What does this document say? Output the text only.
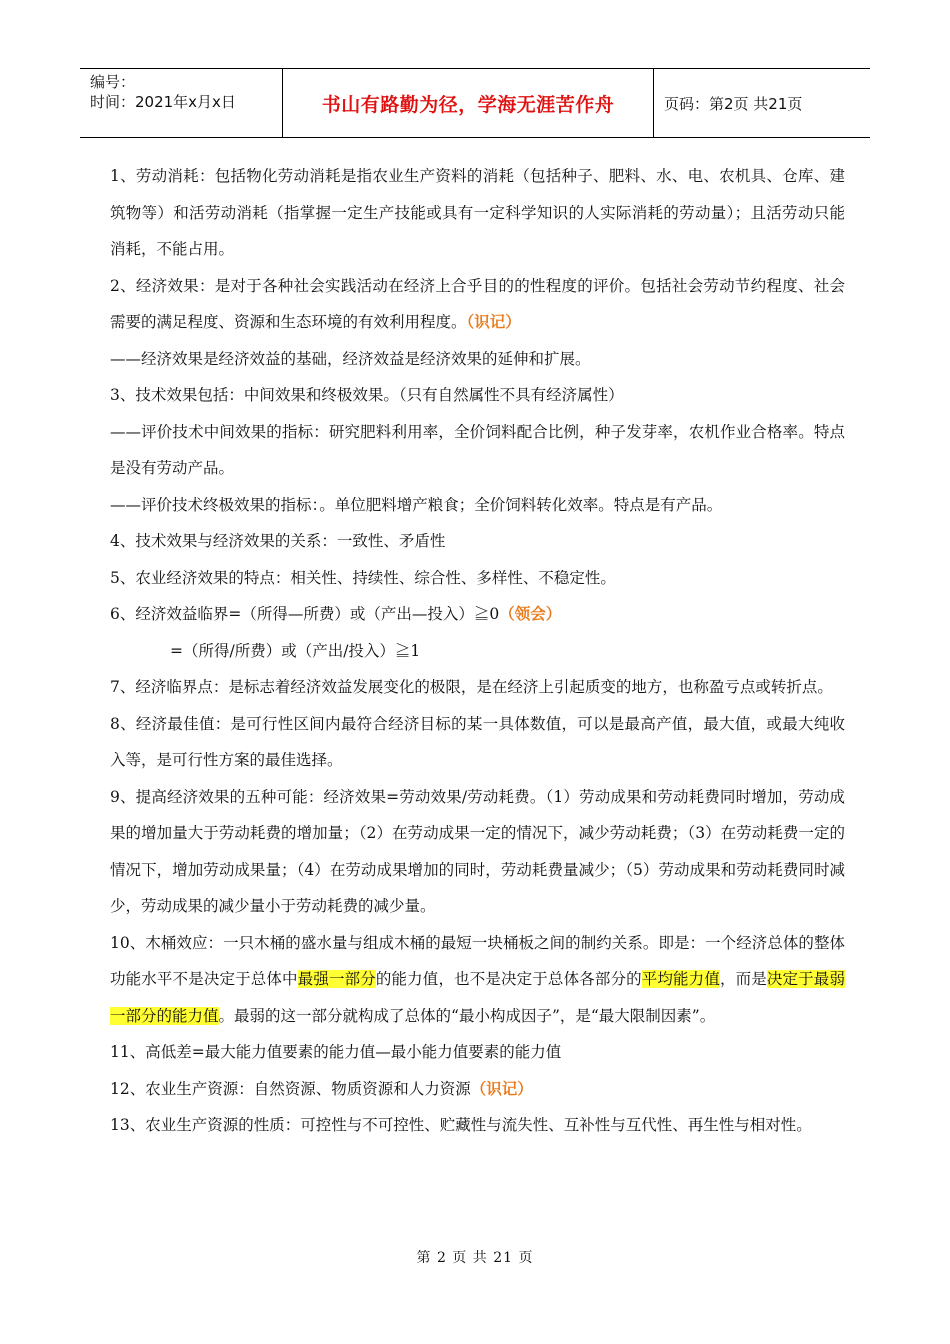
编号：
时间：2021年x月x日	书山有路勤为径，学海无涯苦作舟	页码：第2页 共21页

1、劳动消耗：包括物化劳动消耗是指农业生产资料的消耗（包括种子、肥料、水、电、农机具、仓库、建筑物等）和活劳动消耗（指掌握一定生产技能或具有一定科学知识的人实际消耗的劳动量）；且活劳动只能消耗，不能占用。

2、经济效果：是对于各种社会实践活动在经济上合乎目的的性程度的评价。包括社会劳动节约程度、社会需要的满足程度、资源和生态环境的有效利用程度。（识记）

——经济效果是经济效益的基础，经济效益是经济效果的延伸和扩展。

3、技术效果包括：中间效果和终极效果。（只有自然属性不具有经济属性）

——评价技术中间效果的指标：研究肥料利用率，全价饲料配合比例，种子发芽率，农机作业合格率。特点是没有劳动产品。

——评价技术终极效果的指标：。单位肥料增产粮食；全价饲料转化效率。特点是有产品。

4、技术效果与经济效果的关系：一致性、矛盾性

5、农业经济效果的特点：相关性、持续性、综合性、多样性、不稳定性。

6、经济效益临界=（所得—所费）或（产出—投入）≧0（领会）

=（所得/所费）或（产出/投入）≧1

7、经济临界点：是标志着经济效益发展变化的极限，是在经济上引起质变的地方，也称盈亏点或转折点。

8、经济最佳值：是可行性区间内最符合经济目标的某一具体数值，可以是最高产值，最大值，或最大纯收入等，是可行性方案的最佳选择。

9、提高经济效果的五种可能：经济效果=劳动效果/劳动耗费。（1）劳动成果和劳动耗费同时增加，劳动成果的增加量大于劳动耗费的增加量；（2）在劳动成果一定的情况下，减少劳动耗费；（3）在劳动耗费一定的情况下，增加劳动成果量；（4）在劳动成果增加的同时，劳动耗费量减少；（5）劳动成果和劳动耗费同时减少，劳动成果的减少量小于劳动耗费的减少量。

10、木桶效应：一只木桶的盛水量与组成木桶的最短一块桶板之间的制约关系。即是：一个经济总体的整体功能水平不是决定于总体中最强一部分的能力值，也不是决定于总体各部分的平均能力值，而是决定于最弱一部分的能力值。最弱的这一部分就构成了总体的“最小构成因子”，是“最大限制因素”。

11、高低差=最大能力值要素的能力值—最小能力值要素的能力值

12、农业生产资源：自然资源、物质资源和人力资源（识记）

13、农业生产资源的性质：可控性与不可控性、贮藏性与流失性、互补性与互代性、再生性与相对性。

第 2 页 共 21 页
